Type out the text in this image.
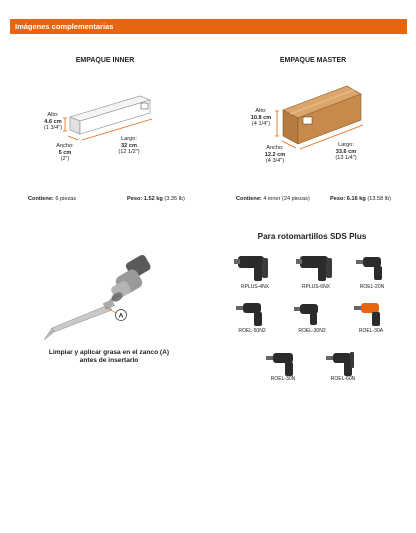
Imágenes complementarias
EMPAQUE INNER
Alto:
4.6 cm
(1 3/4")
Ancho:
5 cm
(2")
Largo:
32 cm
(12 1/2")
Contiene: 6 piezas	Peso: 1.52 kg (3.35 lb)
EMPAQUE MASTER
Alto:
10.8 cm
(4 1/4")
Ancho:
12.2 cm
(4 3/4")
Largo:
33.6 cm
(13 1/4")
Contiene: 4 inner (24 piezas)	Peso: 6.16 kg (13.58 lb)
A
Limpiar y aplicar grasa en el zanco (A)
antes de insertarlo
Para rotomartillos SDS Plus
RPLUS-4NX	RPLUS-6NX	ROEL-20N
ROEL-50N2	ROEL-30N2	ROEL-30A
ROEL-30N	ROEL-60N
